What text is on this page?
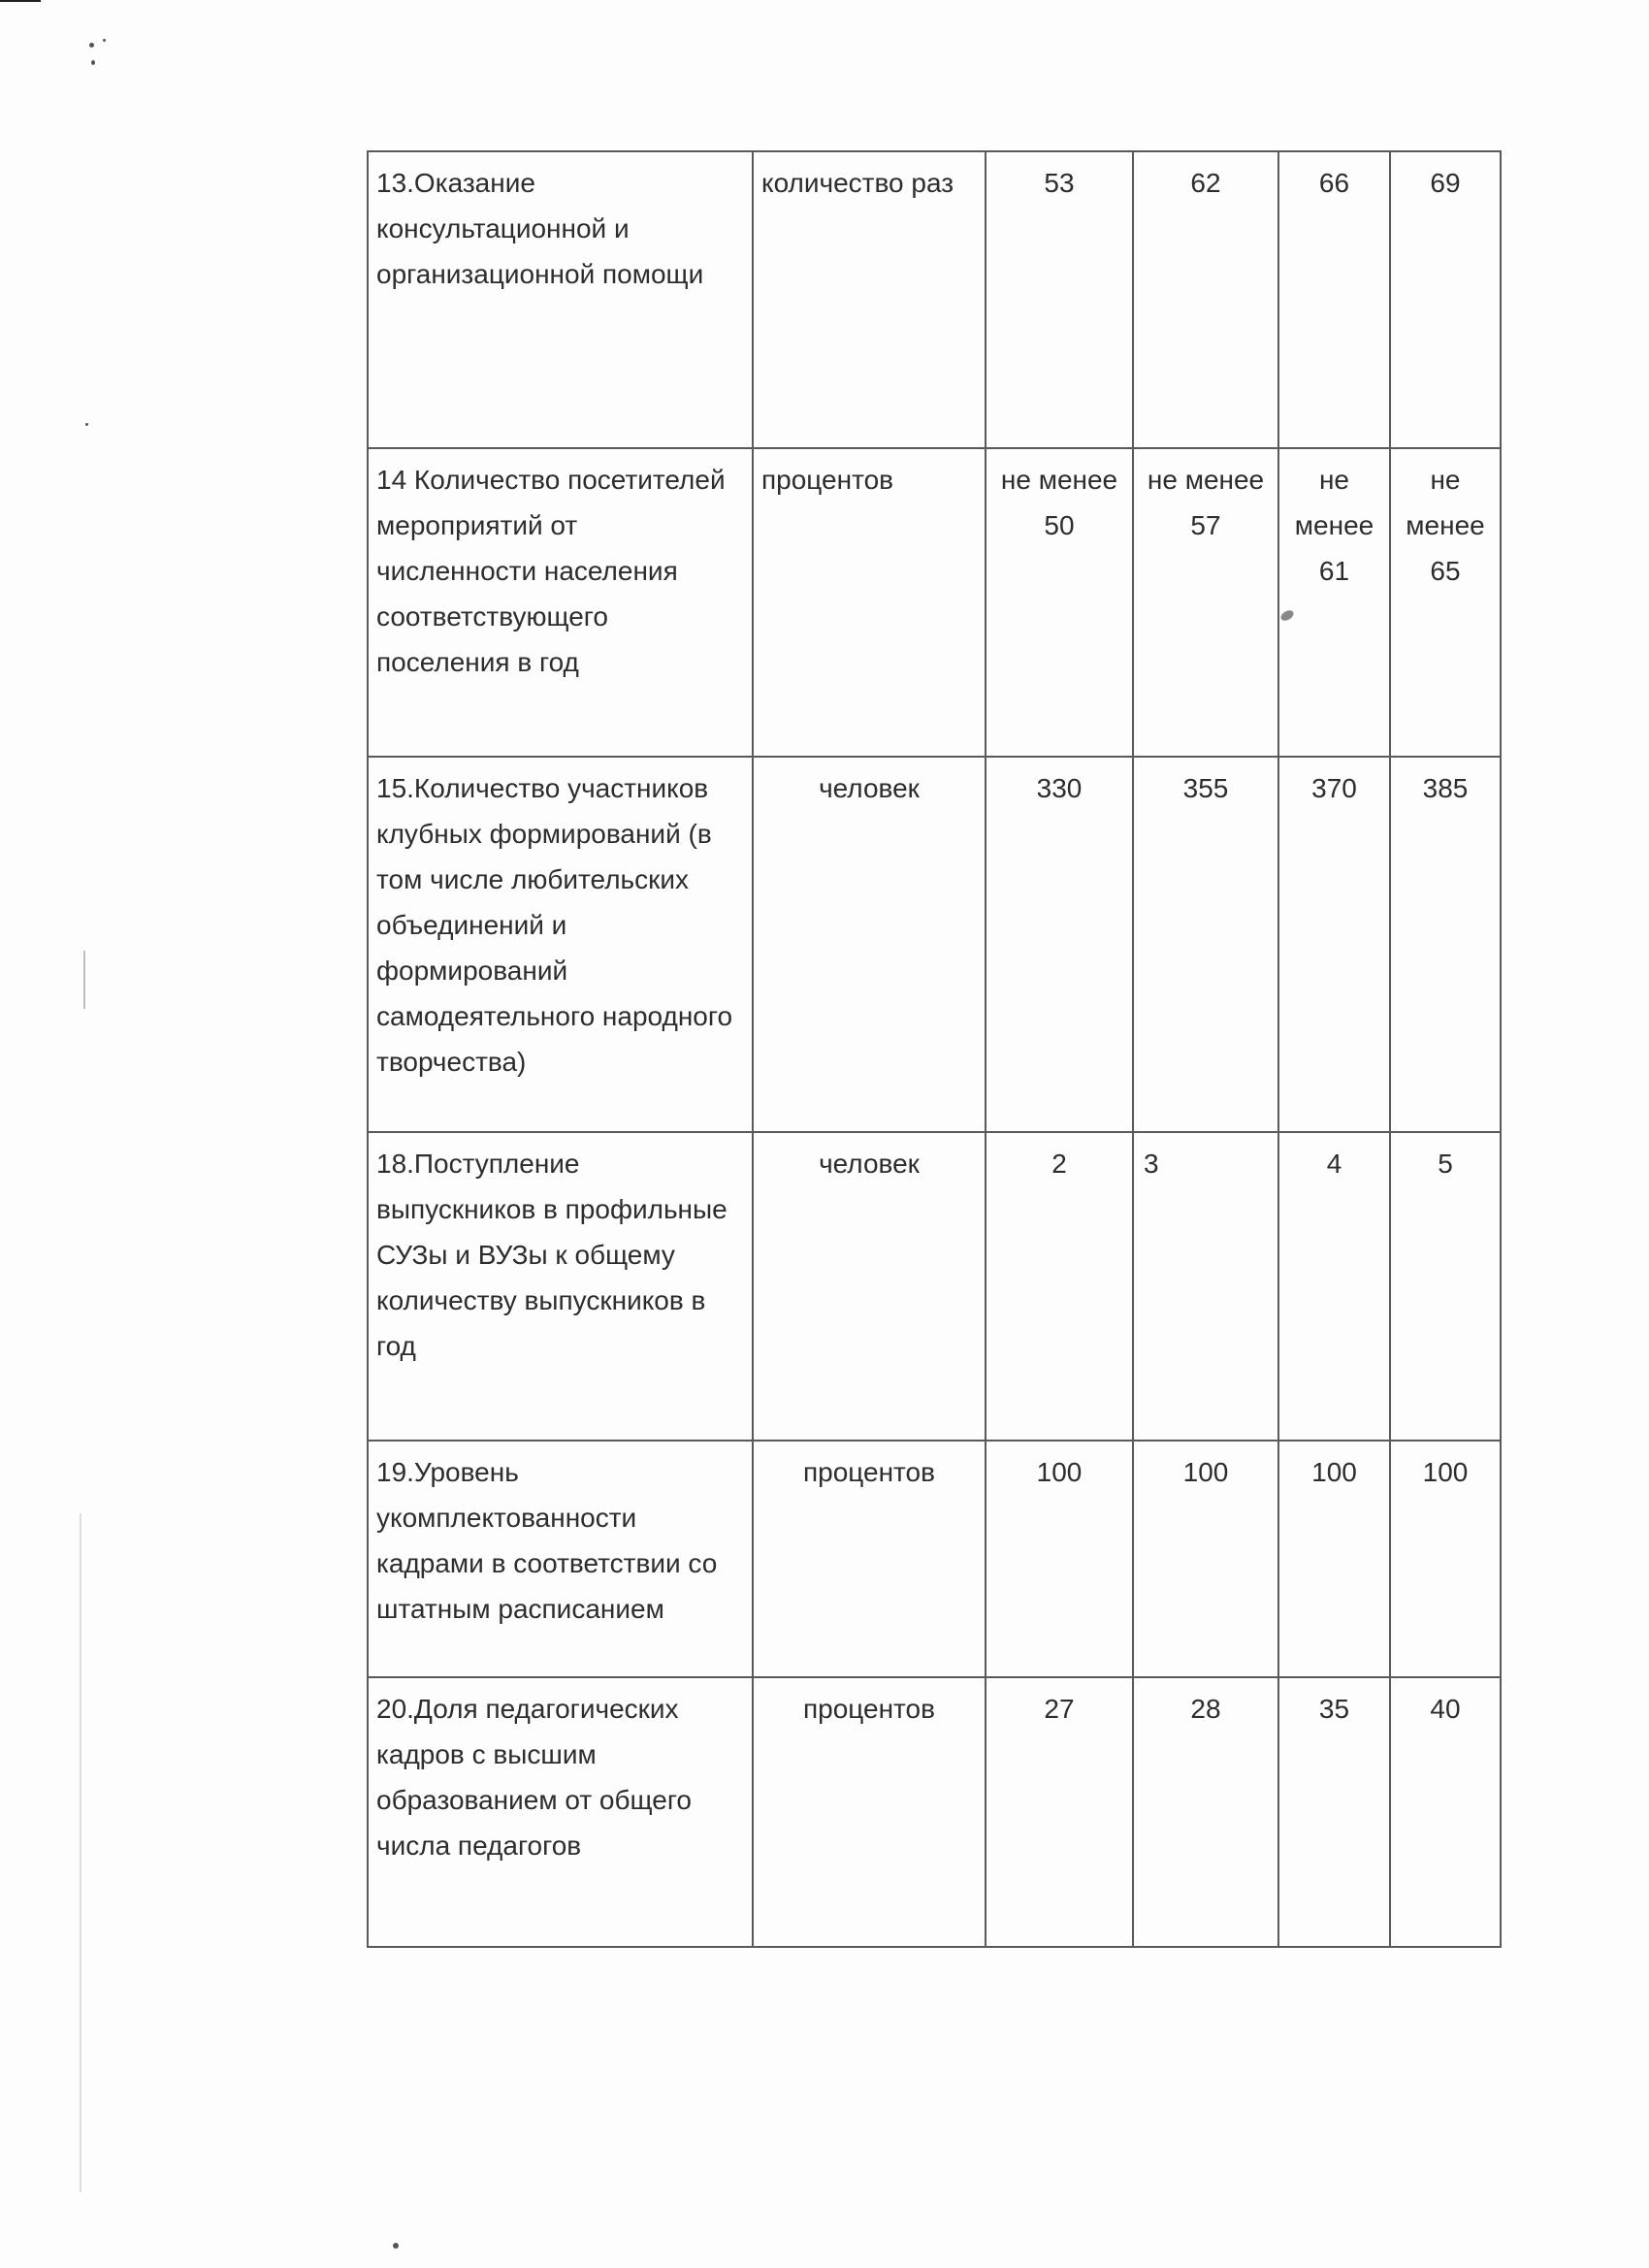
13.Оказание консультационной и организационной помощи	количество раз	53	62	66	69
14 Количество посетителей мероприятий от численности населения соответствующего поселения в год	процентов	не менее 50	не менее 57	не менее 61	не менее 65
15.Количество участников клубных формирований (в том числе любительских объединений и формирований самодеятельного народного творчества)	человек	330	355	370	385
18.Поступление выпускников в профильные СУЗы и ВУЗы к общему количеству выпускников в год	человек	2	3	4	5
19.Уровень укомплектованности кадрами в соответствии со штатным расписанием	процентов	100	100	100	100
20.Доля педагогических кадров с высшим образованием от общего числа педагогов	процентов	27	28	35	40
